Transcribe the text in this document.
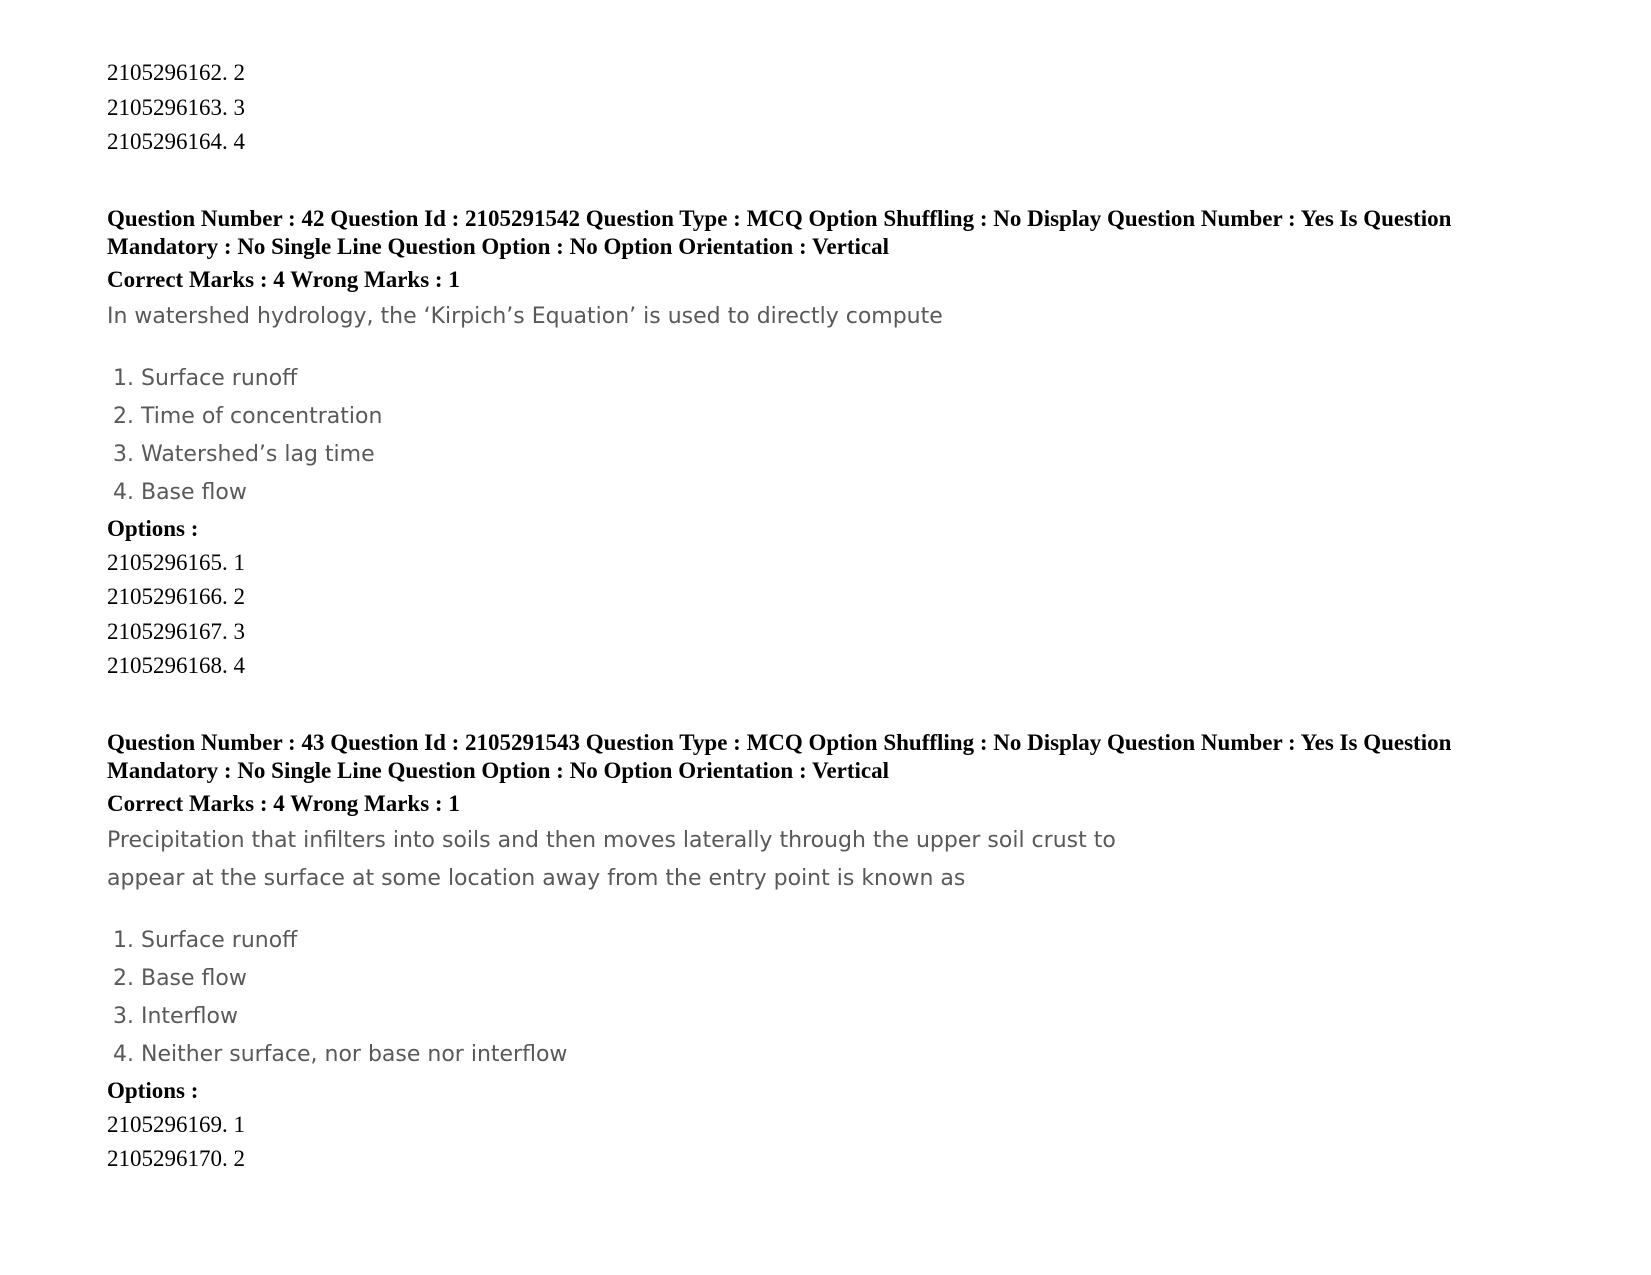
2105296162. 2
2105296163. 3
2105296164. 4
Question Number : 42 Question Id : 2105291542 Question Type : MCQ Option Shuffling : No Display Question Number : Yes Is Question Mandatory : No Single Line Question Option : No Option Orientation : Vertical
Correct Marks : 4 Wrong Marks : 1
In watershed hydrology, the ‘Kirpich’s Equation’ is used to directly compute
1. Surface runoff
2. Time of concentration
3. Watershed’s lag time
4. Base flow
Options :
2105296165. 1
2105296166. 2
2105296167. 3
2105296168. 4
Question Number : 43 Question Id : 2105291543 Question Type : MCQ Option Shuffling : No Display Question Number : Yes Is Question Mandatory : No Single Line Question Option : No Option Orientation : Vertical
Correct Marks : 4 Wrong Marks : 1
Precipitation that infilters into soils and then moves laterally through the upper soil crust to
appear at the surface at some location away from the entry point is known as
1. Surface runoff
2. Base flow
3. Interflow
4. Neither surface, nor base nor interflow
Options :
2105296169. 1
2105296170. 2
